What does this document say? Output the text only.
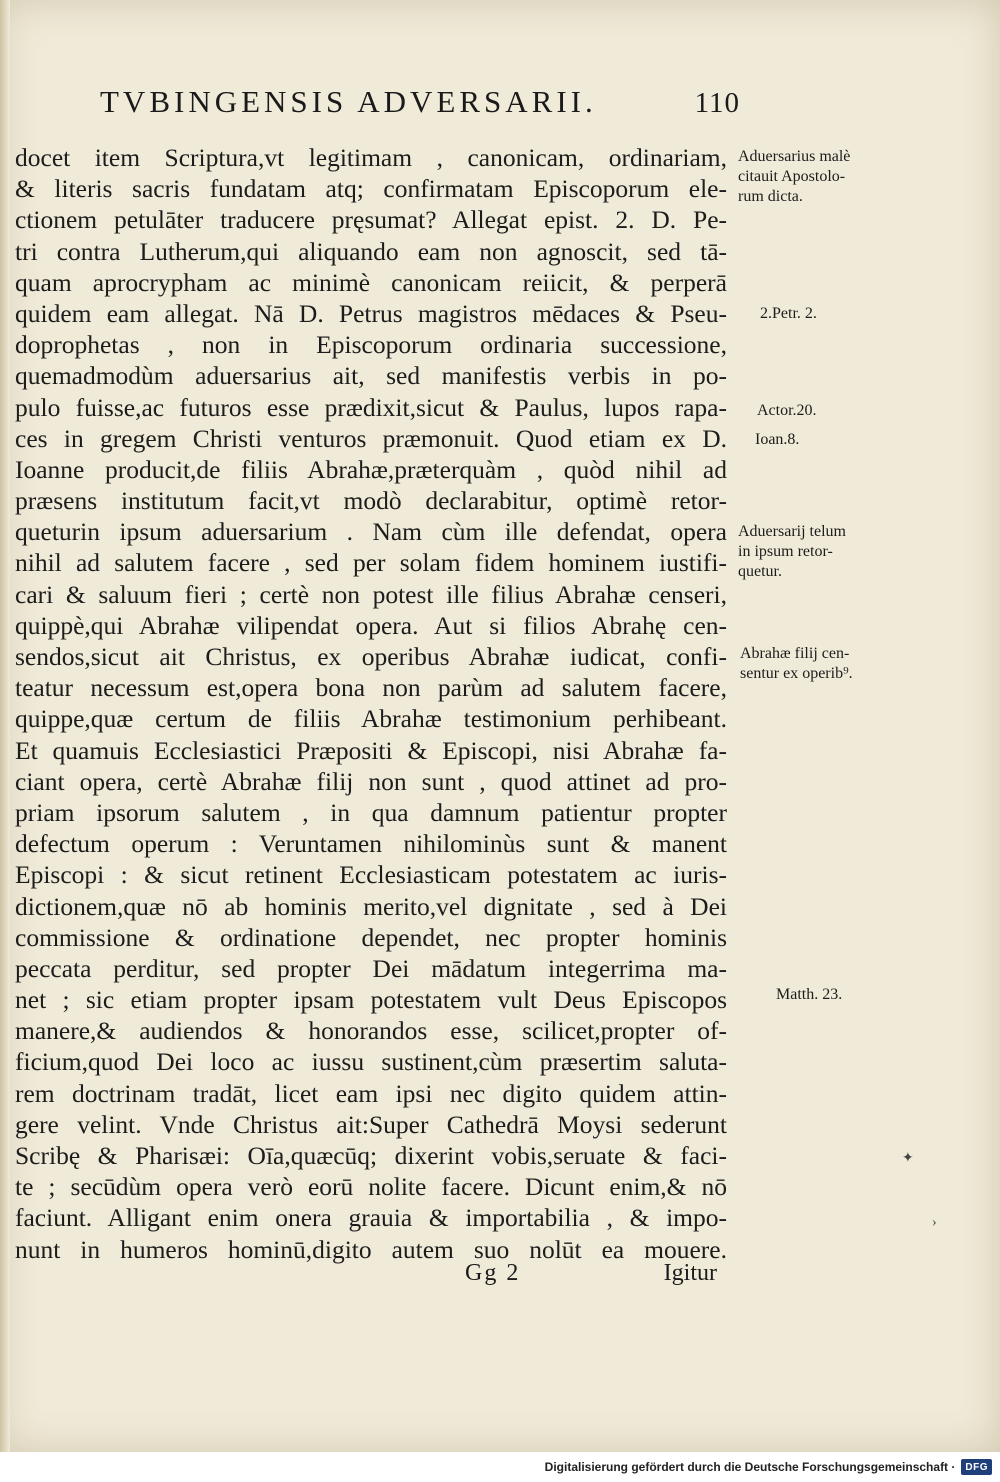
TVBINGENSIS ADVERSARII.	110
docet item Scriptura,vt legitimam , canonicam, ordinariam,
& literis sacris fundatam atq; confirmatam Episcoporum ele-
ctionem petulāter traducere pręsumat? Allegat epist. 2. D. Pe-
tri contra Lutherum,qui aliquando eam non agnoscit, sed tā-
quam aprocrypham ac minimè canonicam reiicit, & perperā
quidem eam allegat. Nā D. Petrus magistros mēdaces & Pseu-
doprophetas , non in Episcoporum ordinaria successione,
quemadmodùm aduersarius ait, sed manifestis verbis in po-
pulo fuisse,ac futuros esse prædixit,sicut & Paulus, lupos rapa-
ces in gregem Christi venturos præmonuit. Quod etiam ex D.
Ioanne producit,de filiis Abrahæ,præterquàm , quòd nihil ad
præsens institutum facit,vt modò declarabitur, optimè retor-
queturin ipsum aduersarium . Nam cùm ille defendat, opera
nihil ad salutem facere , sed per solam fidem hominem iustifi-
cari & saluum fieri ; certè non potest ille filius Abrahæ censeri,
quippè,qui Abrahæ vilipendat opera. Aut si filios Abrahę cen-
sendos,sicut ait Christus, ex operibus Abrahæ iudicat, confi-
teatur necessum est,opera bona non parùm ad salutem facere,
quippe,quæ certum de filiis Abrahæ testimonium perhibeant.
Et quamuis Ecclesiastici Præpositi & Episcopi, nisi Abrahæ fa-
ciant opera, certè Abrahæ filij non sunt , quod attinet ad pro-
priam ipsorum salutem , in qua damnum patientur propter
defectum operum : Veruntamen nihilominùs sunt & manent
Episcopi : & sicut retinent Ecclesiasticam potestatem ac iuris-
dictionem,quæ nō ab hominis merito,vel dignitate , sed à Dei
commissione & ordinatione dependet, nec propter hominis
peccata perditur, sed propter Dei mādatum integerrima ma-
net ; sic etiam propter ipsam potestatem vult Deus Episcopos
manere,& audiendos & honorandos esse, scilicet,propter of-
ficium,quod Dei loco ac iussu sustinent,cùm præsertim saluta-
rem doctrinam tradāt, licet eam ipsi nec digito quidem attin-
gere velint. Vnde Christus ait:Super Cathedrā Moysi sederunt
Scribę & Pharisæi: Oīa,quæcūq; dixerint vobis,seruate & faci-
te ; secūdùm opera verò eorū nolite facere. Dicunt enim,& nō
faciunt. Alligant enim onera grauia & importabilia , & impo-
nunt in humeros hominū,digito autem suo nolūt ea mouere.
Gg 2	Igitur
Aduersarius malè
citauit Apostolo-
rum dicta.
2.Petr. 2.
Actor.20.
Ioan.8.
Aduersarij telum
in ipsum retor-
quetur.
Abrahæ filij cen-
sentur ex operib⁹.
Matth. 23.
✦
›
Digitalisierung gefördert durch die Deutsche Forschungsgemeinschaft ·	DFG
